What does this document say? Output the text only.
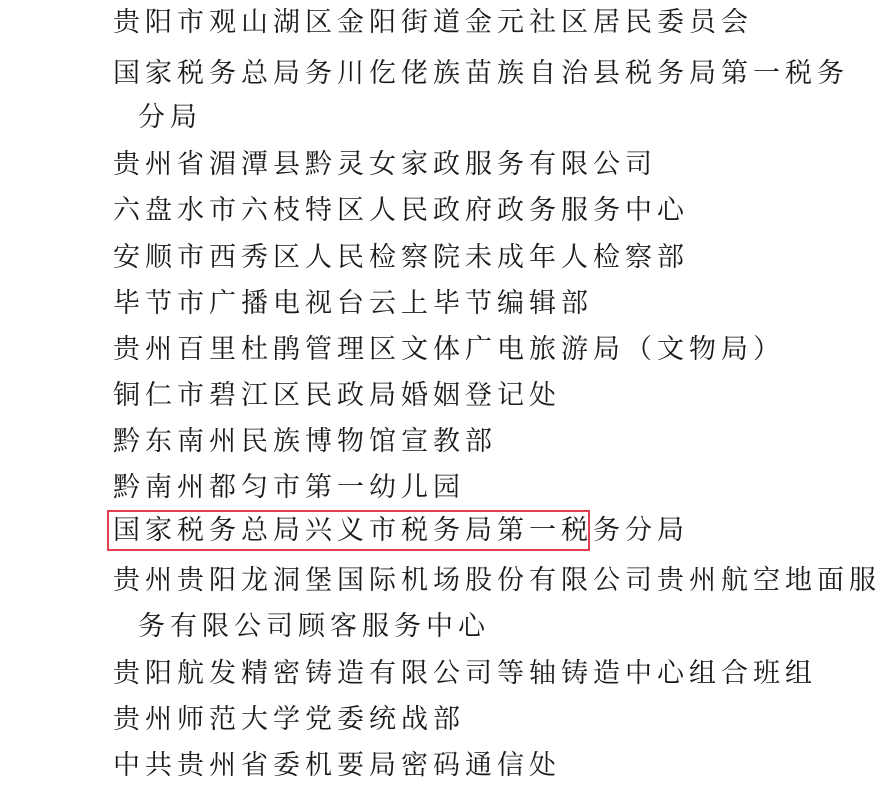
贵阳市观山湖区金阳街道金元社区居民委员会
国家税务总局务川仡佬族苗族自治县税务局第一税务
分局
贵州省湄潭县黔灵女家政服务有限公司
六盘水市六枝特区人民政府政务服务中心
安顺市西秀区人民检察院未成年人检察部
毕节市广播电视台云上毕节编辑部
贵州百里杜鹃管理区文体广电旅游局（文物局）
铜仁市碧江区民政局婚姻登记处
黔东南州民族博物馆宣教部
黔南州都匀市第一幼儿园
国家税务总局兴义市税务局第一税务分局
贵州贵阳龙洞堡国际机场股份有限公司贵州航空地面服
务有限公司顾客服务中心
贵阳航发精密铸造有限公司等轴铸造中心组合班组
贵州师范大学党委统战部
中共贵州省委机要局密码通信处
